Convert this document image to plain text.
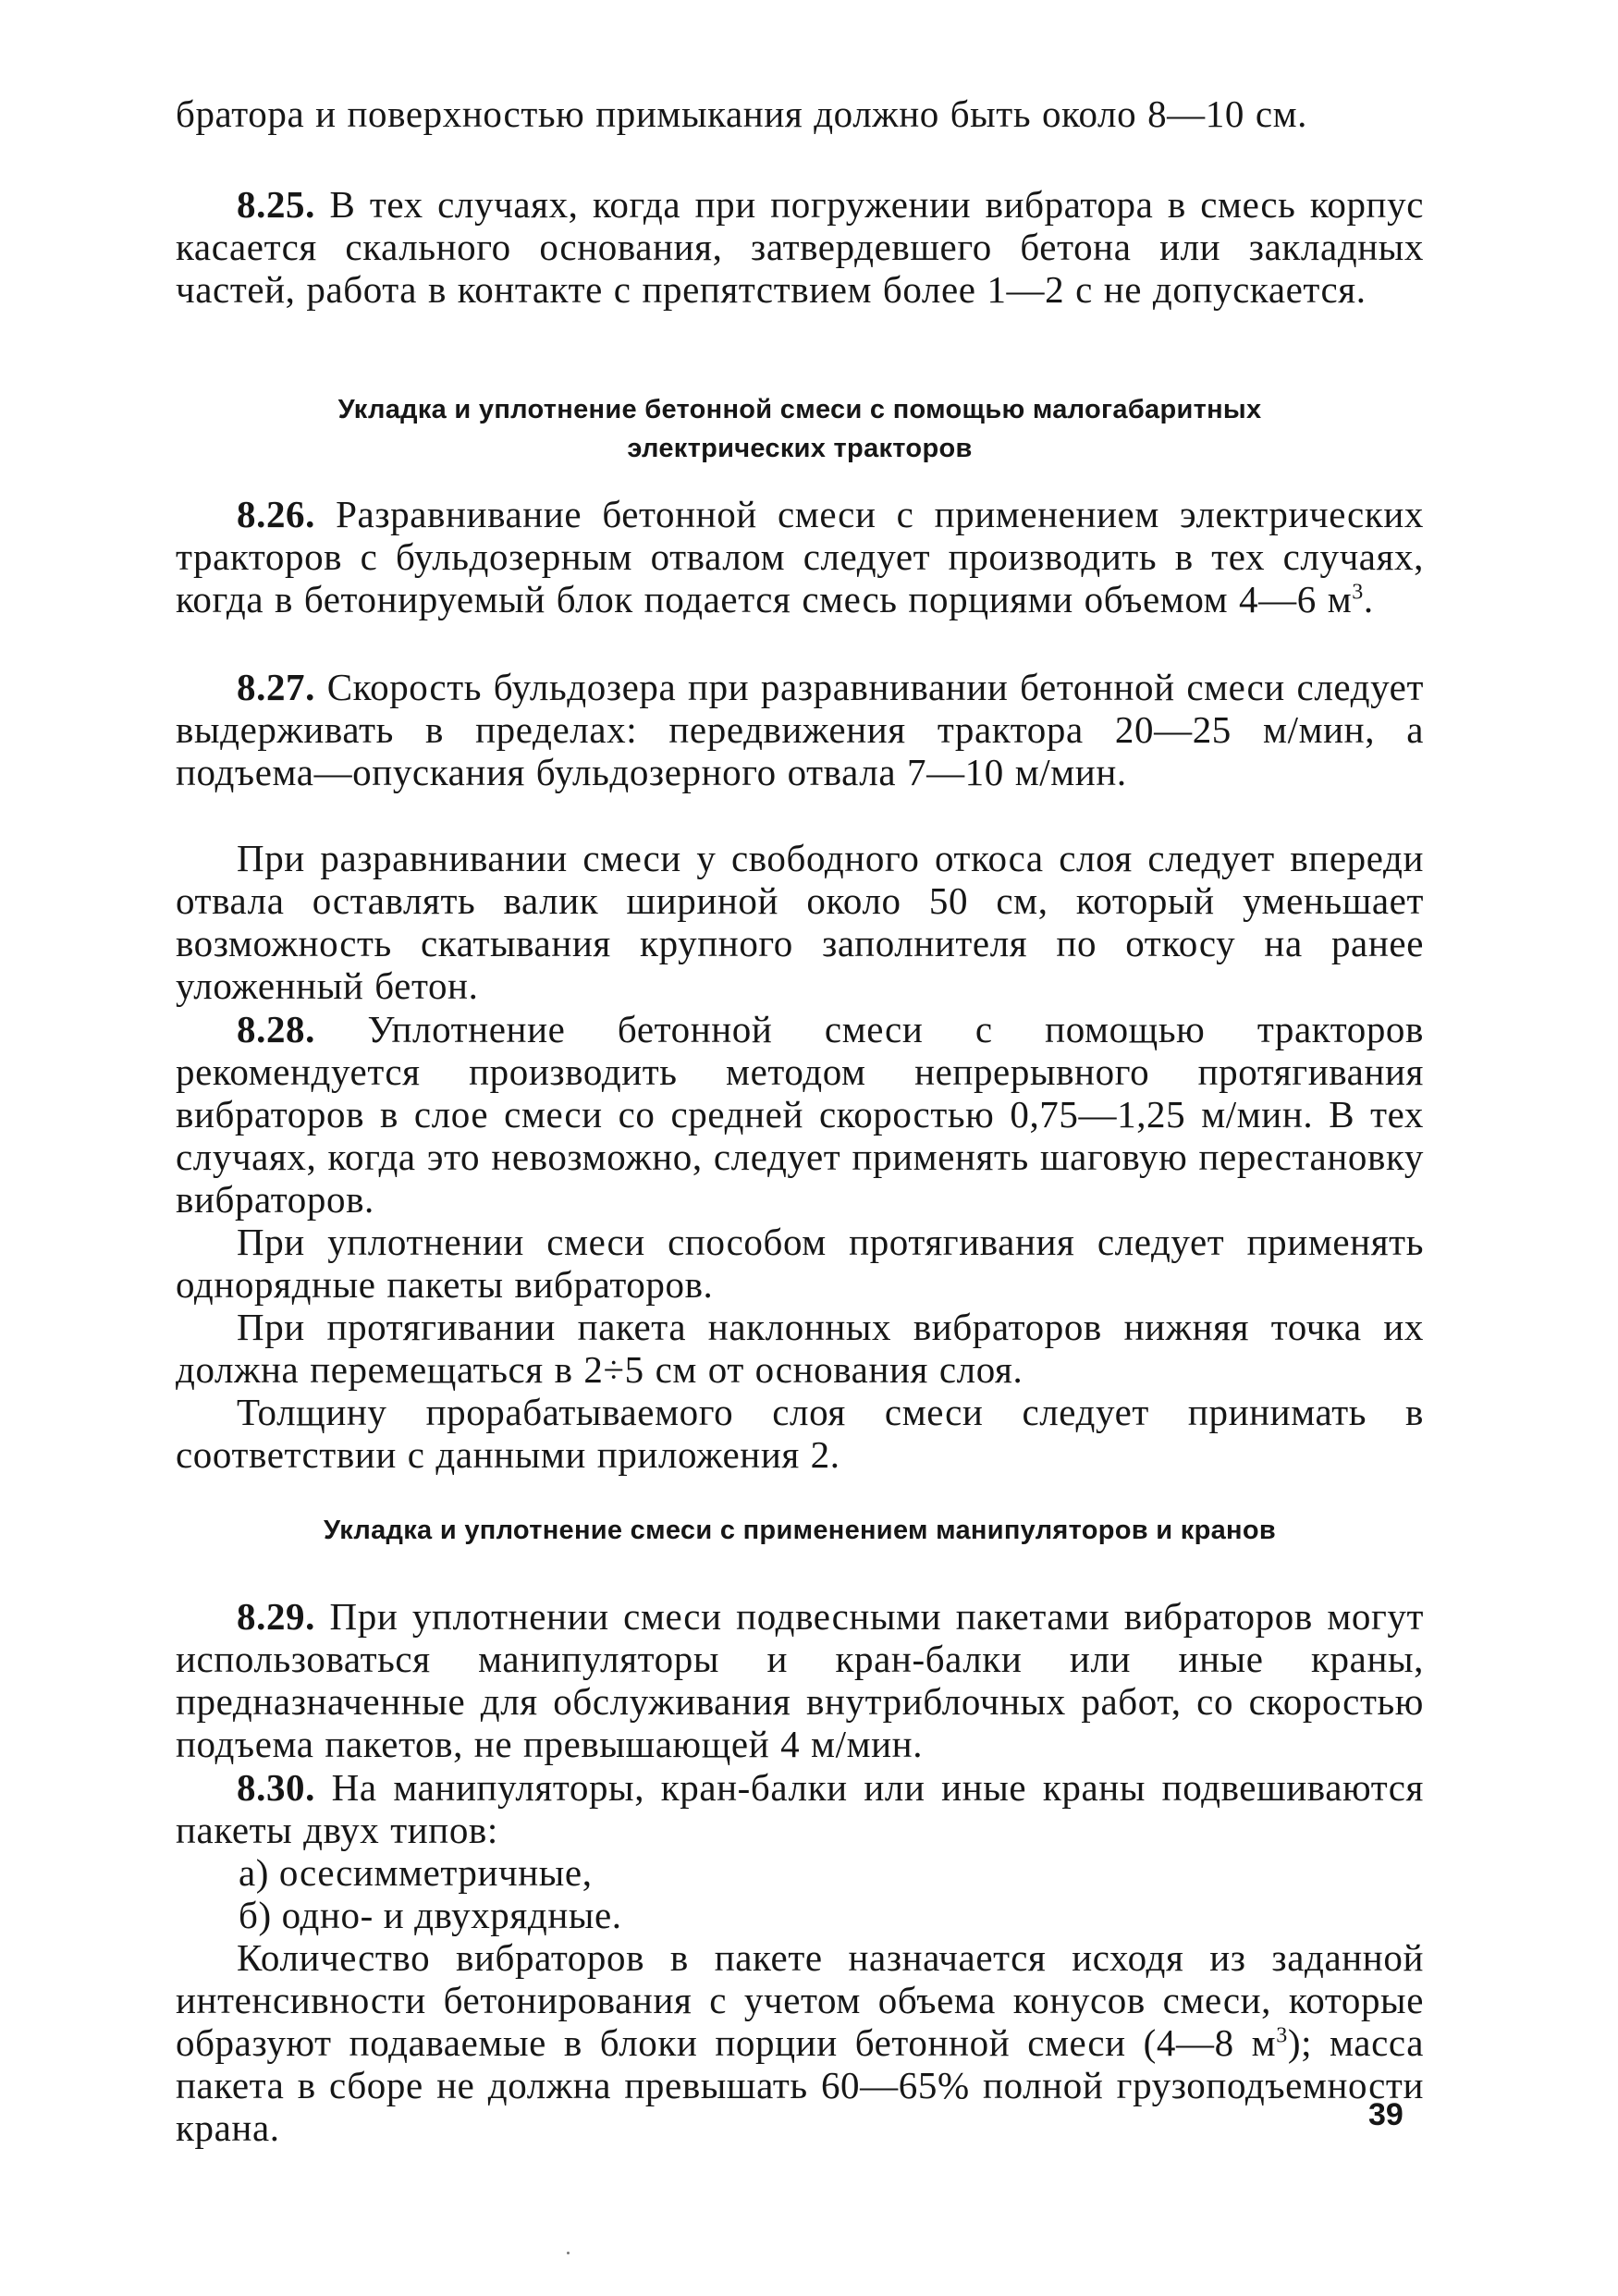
братора и поверхностью примыкания должно быть около 8—10 см.

8.25. В тех случаях, когда при погружении вибратора в смесь корпус касается скального основания, затвердевшего бетона или закладных частей, работа в контакте с препятствием более 1—2 с не допускается.

Укладка и уплотнение бетонной смеси с помощью малогабаритных
электрических тракторов

8.26. Разравнивание бетонной смеси с применением электрических тракторов с бульдозерным отвалом следует производить в тех случаях, когда в бетонируемый блок подается смесь порциями объемом 4—6 $м^3$.

8.27. Скорость бульдозера при разравнивании бетонной смеси следует выдерживать в пределах: передвижения трактора 20—25 м/мин, а подъема—опускания бульдозерного отвала 7—10 м/мин.

При разравнивании смеси у свободного откоса слоя следует впереди отвала оставлять валик шириной около 50 см, который уменьшает возможность скатывания крупного заполнителя по откосу на ранее уложенный бетон.

8.28. Уплотнение бетонной смеси с помощью тракторов рекомендуется производить методом непрерывного протягивания вибраторов в слое смеси со средней скоростью 0,75—1,25 м/мин. В тех случаях, когда это невозможно, следует применять шаговую перестановку вибраторов.

При уплотнении смеси способом протягивания следует применять однорядные пакеты вибраторов.

При протягивании пакета наклонных вибраторов нижняя точка их должна перемещаться в 2÷5 см от основания слоя.

Толщину прорабатываемого слоя смеси следует принимать в соответствии с данными приложения 2.

Укладка и уплотнение смеси с применением манипуляторов и кранов

8.29. При уплотнении смеси подвесными пакетами вибраторов могут использоваться манипуляторы и кран-балки или иные краны, предназначенные для обслуживания внутриблочных работ, со скоростью подъема пакетов, не превышающей 4 м/мин.

8.30. На манипуляторы, кран-балки или иные краны подвешиваются пакеты двух типов:

а) осесимметричные,
б) одно- и двухрядные.

Количество вибраторов в пакете назначается исходя из заданной интенсивности бетонирования с учетом объема конусов смеси, которые образуют подаваемые в блоки порции бетонной смеси (4—8 $м^3$); масса пакета в сборе не должна превышать 60—65% полной грузоподъемности крана.	39
